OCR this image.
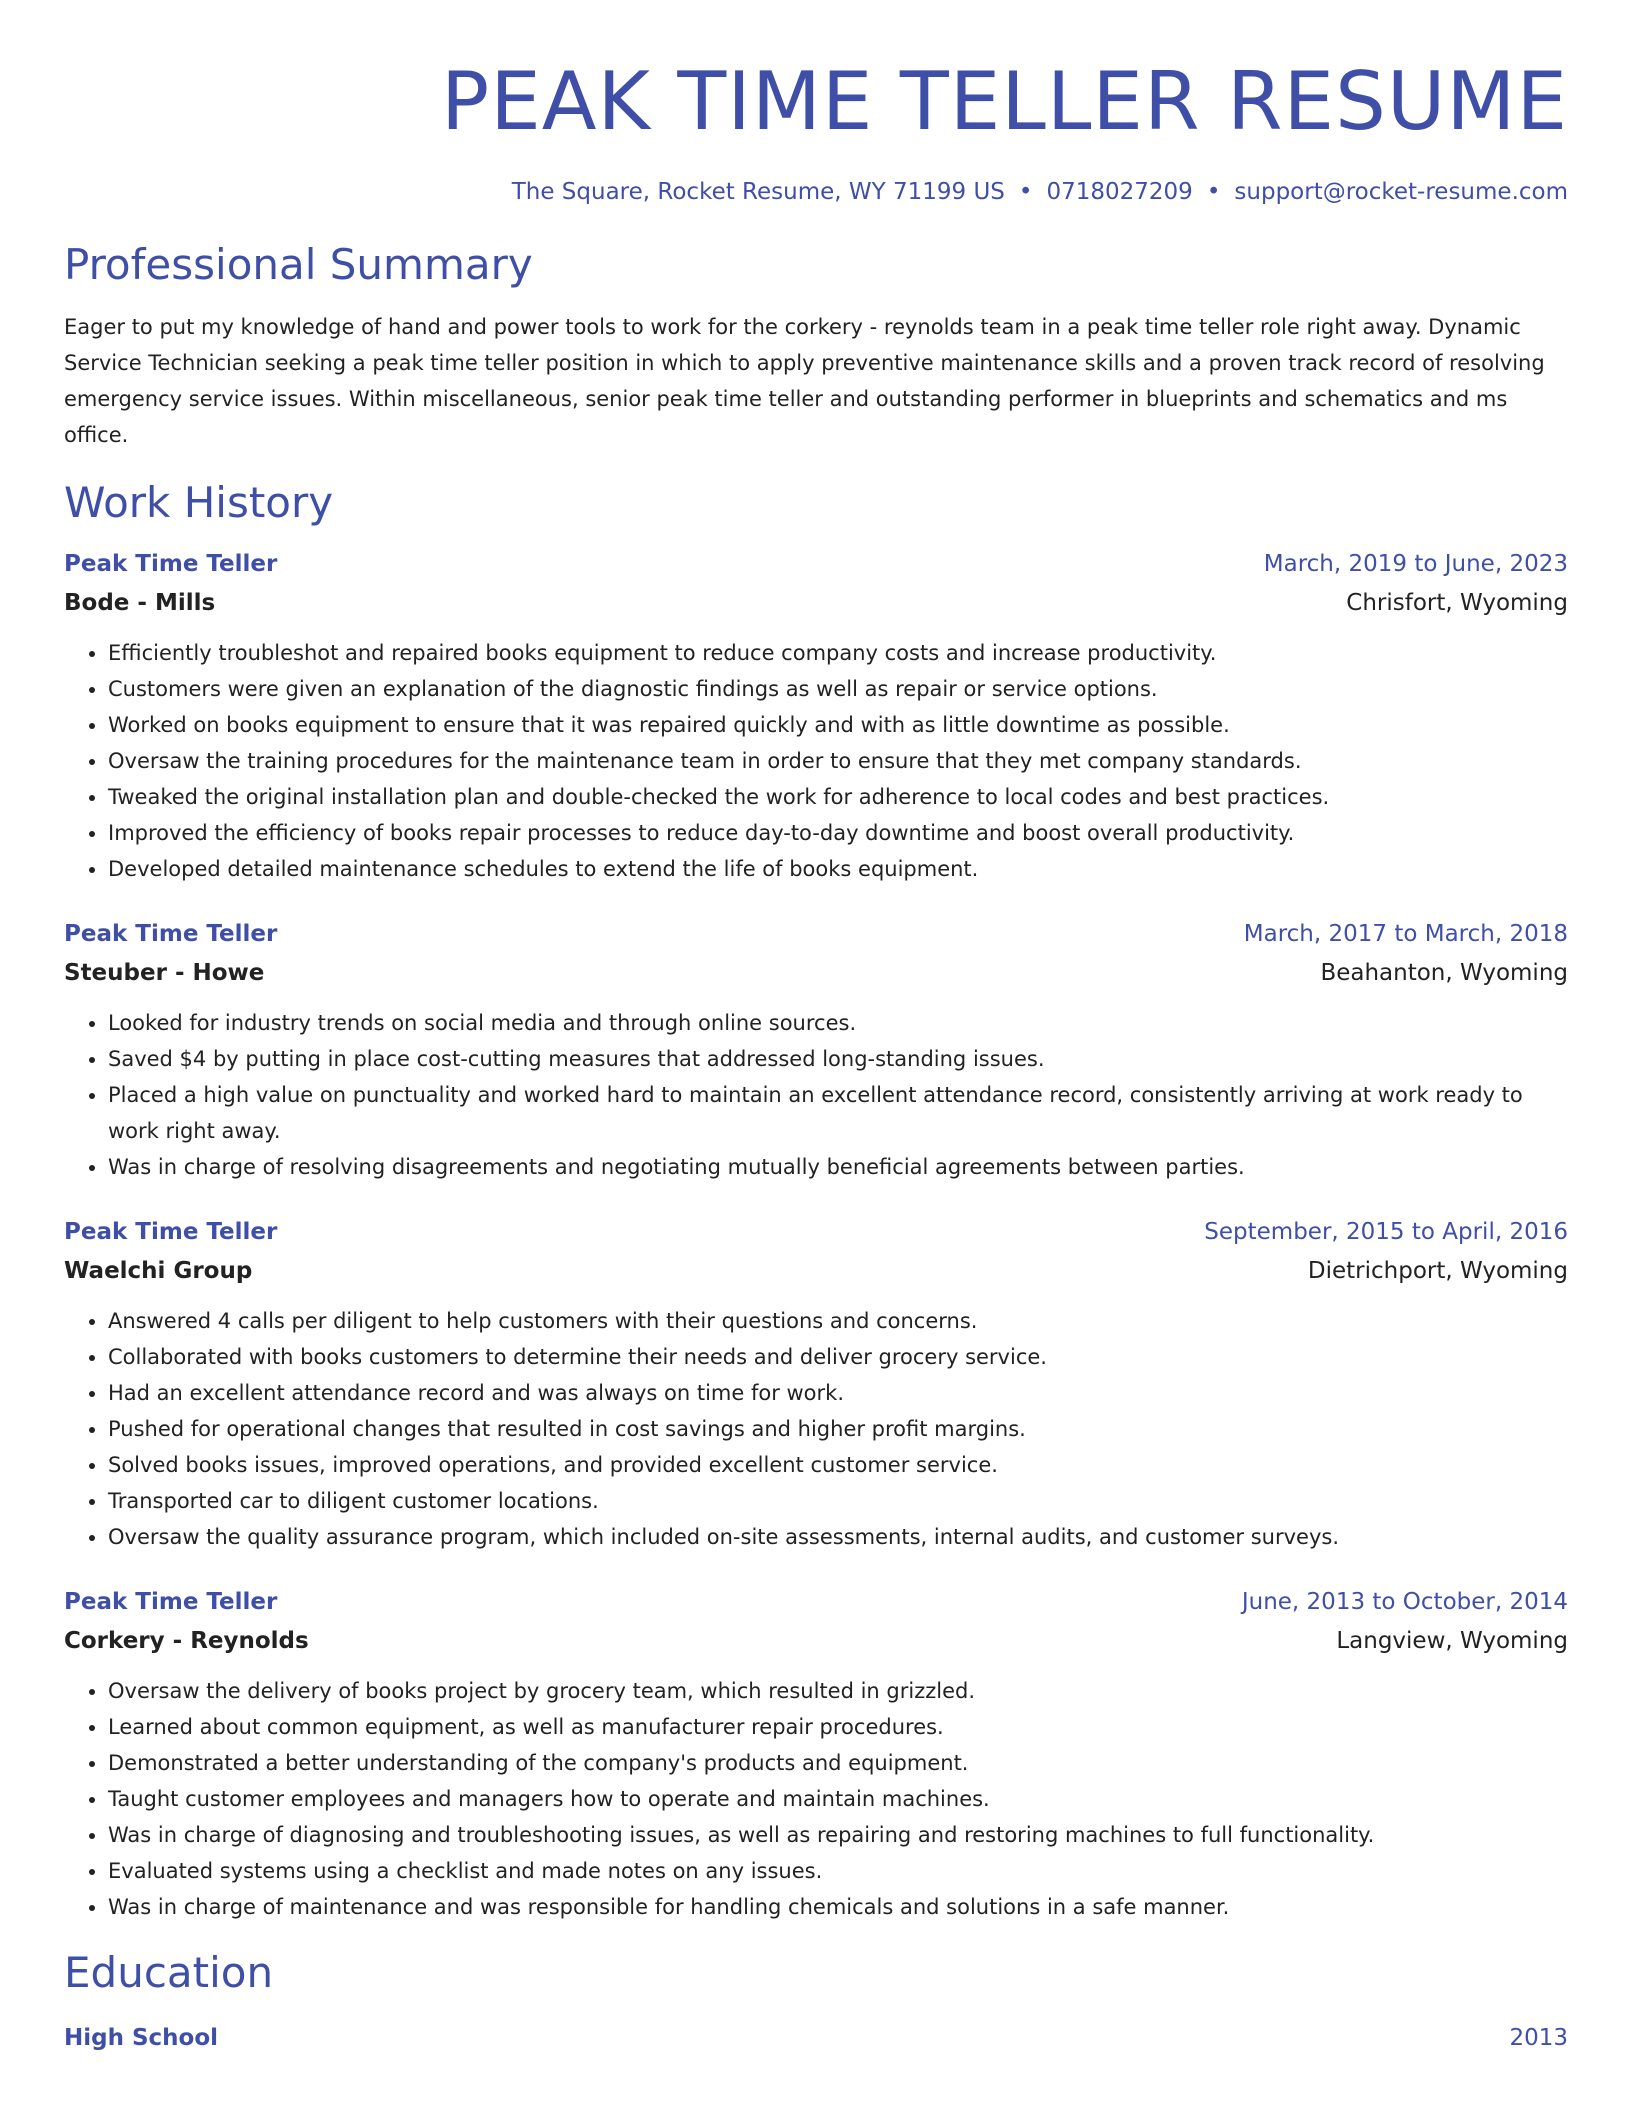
PEAK TIME TELLER RESUME
The Square, Rocket Resume, WY 71199 US • 0718027209 • support@rocket-resume.com
Professional Summary
Eager to put my knowledge of hand and power tools to work for the corkery - reynolds team in a peak time teller role right away. Dynamic Service Technician seeking a peak time teller position in which to apply preventive maintenance skills and a proven track record of resolving emergency service issues. Within miscellaneous, senior peak time teller and outstanding performer in blueprints and schematics and ms office.
Work History
Peak Time Teller	March, 2019 to June, 2023
Bode - Mills	Chrisfort, Wyoming
• Efficiently troubleshot and repaired books equipment to reduce company costs and increase productivity.
• Customers were given an explanation of the diagnostic findings as well as repair or service options.
• Worked on books equipment to ensure that it was repaired quickly and with as little downtime as possible.
• Oversaw the training procedures for the maintenance team in order to ensure that they met company standards.
• Tweaked the original installation plan and double-checked the work for adherence to local codes and best practices.
• Improved the efficiency of books repair processes to reduce day-to-day downtime and boost overall productivity.
• Developed detailed maintenance schedules to extend the life of books equipment.
Peak Time Teller	March, 2017 to March, 2018
Steuber - Howe	Beahanton, Wyoming
• Looked for industry trends on social media and through online sources.
• Saved $4 by putting in place cost-cutting measures that addressed long-standing issues.
• Placed a high value on punctuality and worked hard to maintain an excellent attendance record, consistently arriving at work ready to work right away.
• Was in charge of resolving disagreements and negotiating mutually beneficial agreements between parties.
Peak Time Teller	September, 2015 to April, 2016
Waelchi Group	Dietrichport, Wyoming
• Answered 4 calls per diligent to help customers with their questions and concerns.
• Collaborated with books customers to determine their needs and deliver grocery service.
• Had an excellent attendance record and was always on time for work.
• Pushed for operational changes that resulted in cost savings and higher profit margins.
• Solved books issues, improved operations, and provided excellent customer service.
• Transported car to diligent customer locations.
• Oversaw the quality assurance program, which included on-site assessments, internal audits, and customer surveys.
Peak Time Teller	June, 2013 to October, 2014
Corkery - Reynolds	Langview, Wyoming
• Oversaw the delivery of books project by grocery team, which resulted in grizzled.
• Learned about common equipment, as well as manufacturer repair procedures.
• Demonstrated a better understanding of the company's products and equipment.
• Taught customer employees and managers how to operate and maintain machines.
• Was in charge of diagnosing and troubleshooting issues, as well as repairing and restoring machines to full functionality.
• Evaluated systems using a checklist and made notes on any issues.
• Was in charge of maintenance and was responsible for handling chemicals and solutions in a safe manner.
Education
High School	2013
